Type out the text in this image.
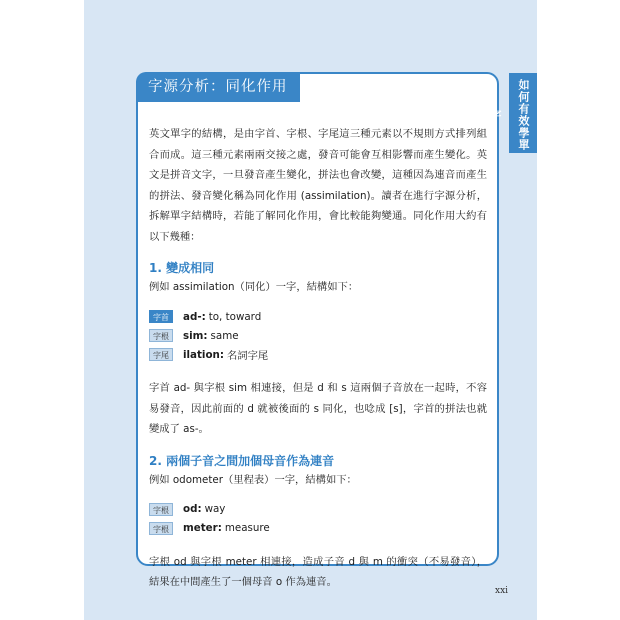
字源分析：同化作用	如何有效學單字

英文單字的結構，是由字首、字根、字尾這三種元素以不規則方式排列組合而成。這三種元素兩兩交接之處，發音可能會互相影響而產生變化。英文是拼音文字，一旦發音產生變化，拼法也會改變，這種因為連音而產生的拼法、發音變化稱為同化作用 (assimilation)。讀者在進行字源分析，拆解單字結構時，若能了解同化作用，會比較能夠變通。同化作用大約有以下幾種：

1. 變成相同

例如 assimilation（同化）一字，結構如下：

字首	ad-: to, toward
字根	sim: same
字尾	ilation: 名詞字尾

字首 ad- 與字根 sim 相連接，但是 d 和 s 這兩個子音放在一起時，不容易發音，因此前面的 d 就被後面的 s 同化，也唸成 [s]，字首的拼法也就變成了 as-。

2. 兩個子音之間加個母音作為連音

例如 odometer（里程表）一字，結構如下：

字根	od: way
字根	meter: measure

字根 od 與字根 meter 相連接，造成子音 d 與 m 的衝突（不易發音），結果在中間產生了一個母音 o 作為連音。

xxi
